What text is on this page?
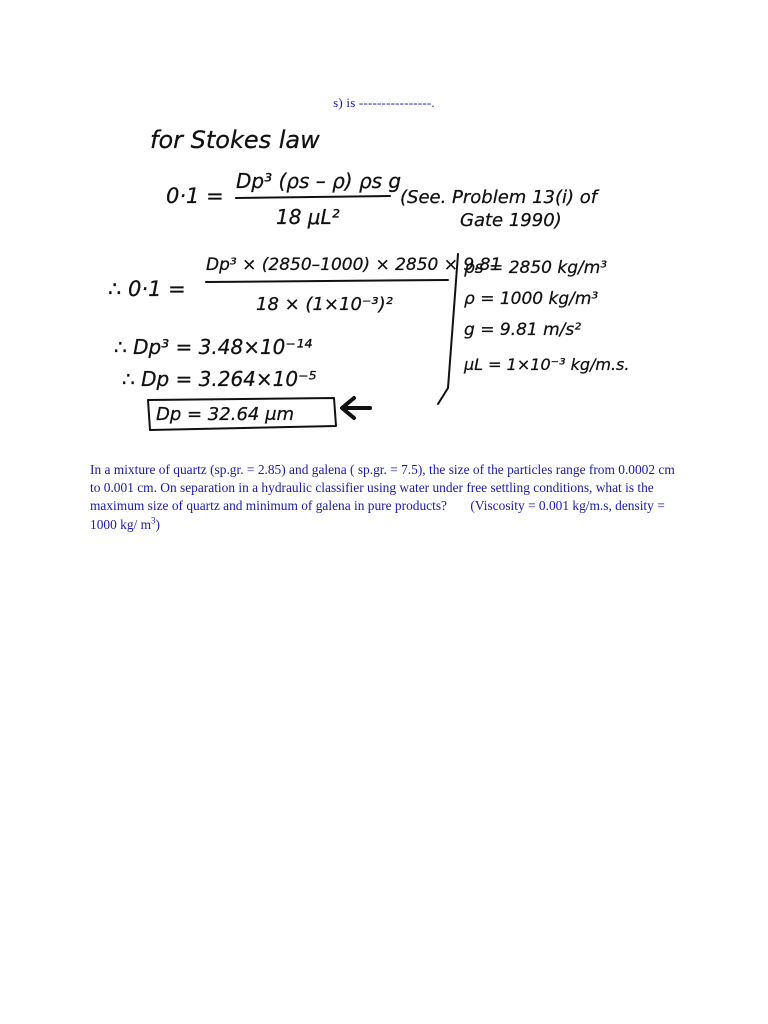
s) is ----------------.
for Stokes law
0·1 =
Dp³ (ρs – ρ) ρs g
18 μL²
(See. Problem 13(i) of
Gate 1990)
∴ 0·1 =
Dp³ × (2850–1000) × 2850 × 9.81
18 × (1×10⁻³)²
ρs = 2850 kg/m³
ρ = 1000 kg/m³
g = 9.81 m/s²
μL = 1×10⁻³ kg/m.s.
∴ Dp³ = 3.48×10⁻¹⁴
∴ Dp = 3.264×10⁻⁵
Dp = 32.64 μm
In a mixture of quartz (sp.gr. = 2.85) and galena ( sp.gr. = 7.5), the size of the particles range from 0.0002 cm to 0.001 cm. On separation in a hydraulic classifier using water under free settling conditions, what is the maximum size of quartz and minimum of galena in pure products? (Viscosity = 0.001 kg/m.s, density = 1000 kg/ $m^3$)
